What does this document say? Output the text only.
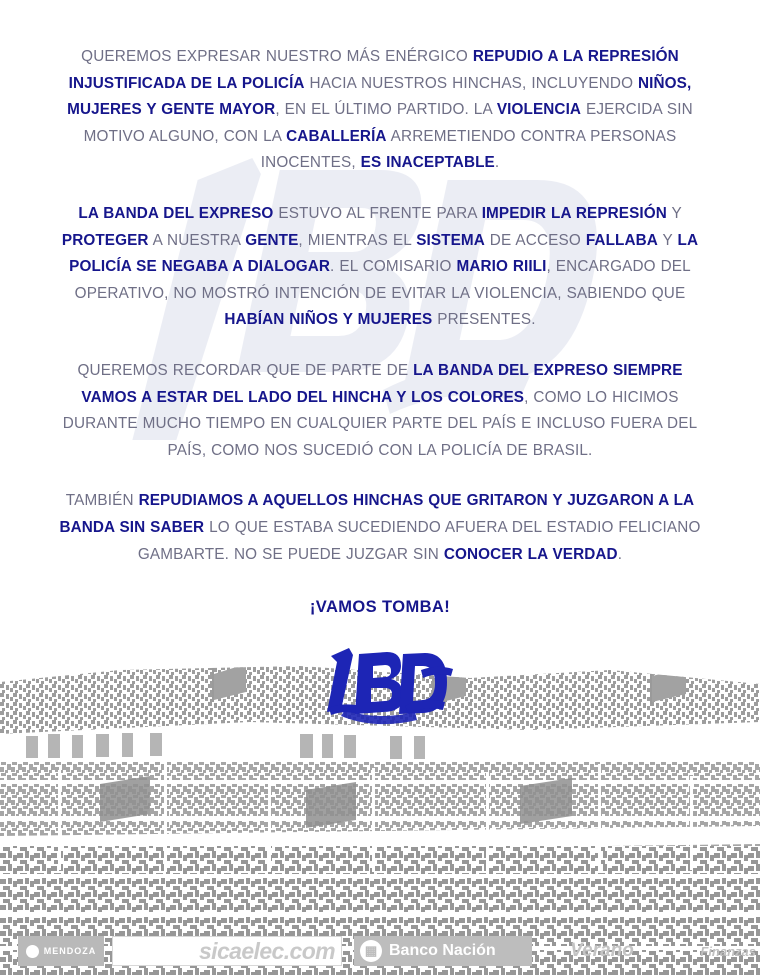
QUEREMOS EXPRESAR NUESTRO MÁS ENÉRGICO REPUDIO A LA REPRESIÓN INJUSTIFICADA DE LA POLICÍA HACIA NUESTROS HINCHAS, INCLUYENDO NIÑOS, MUJERES Y GENTE MAYOR, EN EL ÚLTIMO PARTIDO. LA VIOLENCIA EJERCIDA SIN MOTIVO ALGUNO, CON LA CABALLERÍA ARREMETIENDO CONTRA PERSONAS INOCENTES, ES INACEPTABLE.

LA BANDA DEL EXPRESO ESTUVO AL FRENTE PARA IMPEDIR LA REPRESIÓN Y PROTEGER A NUESTRA GENTE, MIENTRAS EL SISTEMA DE ACCESO FALLABA Y LA POLICÍA SE NEGABA A DIALOGAR. EL COMISARIO MARIO RIILI, ENCARGADO DEL OPERATIVO, NO MOSTRÓ INTENCIÓN DE EVITAR LA VIOLENCIA, SABIENDO QUE HABÍAN NIÑOS Y MUJERES PRESENTES.

QUEREMOS RECORDAR QUE DE PARTE DE LA BANDA DEL EXPRESO SIEMPRE VAMOS A ESTAR DEL LADO DEL HINCHA Y LOS COLORES, COMO LO HICIMOS DURANTE MUCHO TIEMPO EN CUALQUIER PARTE DEL PAÍS E INCLUSO FUERA DEL PAÍS, COMO NOS SUCEDIÓ CON LA POLICÍA DE BRASIL.

TAMBIÉN REPUDIAMOS A AQUELLOS HINCHAS QUE GRITARON Y JUZGARON A LA BANDA SIN SABER LO QUE ESTABA SUCEDIENDO AFUERA DEL ESTADIO FELICIANO GAMBARTE. NO SE PUEDE JUZGAR SIN CONOCER LA VERDAD.

¡VAMOS TOMBA!
MENDOZA	sicaelec.com	▦ Banco Nación	Verano	Finanzas
